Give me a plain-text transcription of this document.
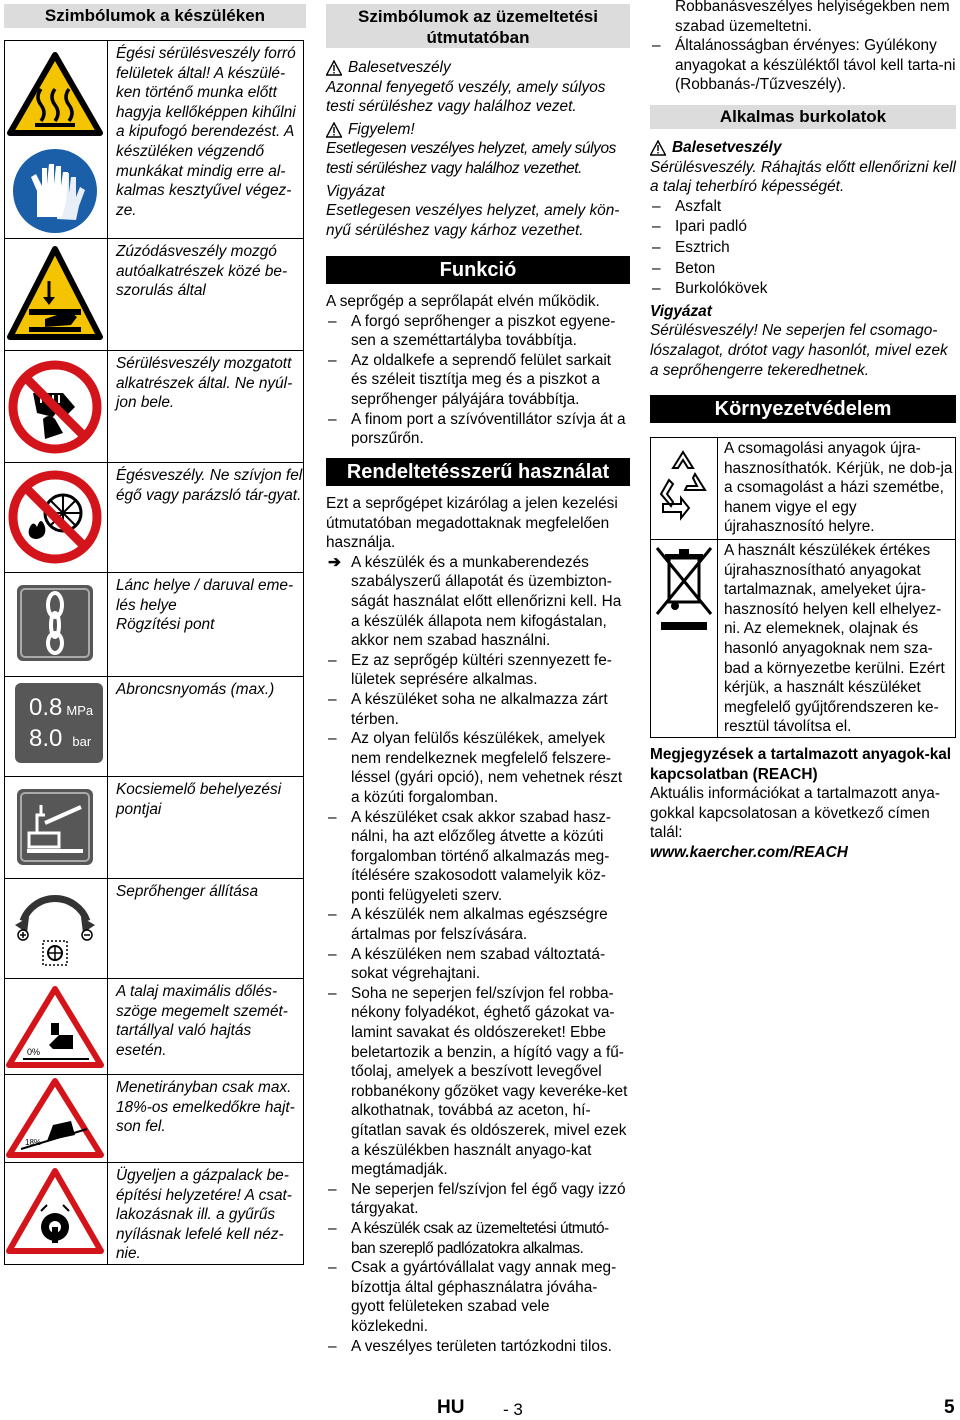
Szimbólumok a készüléken
	Égési sérülésveszély forró felületek által! A készülé-ken történő munka előtt hagyja kellőképpen kihűlni a kipufogó berendezést. A készüléken végzendő munkákat mindig erre al-kalmas kesztyűvel végez-ze.

	Zúzódásveszély mozgó autóalkatrészek közé be-szorulás által

	Sérülésveszély mozgatott alkatrészek által. Ne nyúl-jon bele.

	Égésveszély. Ne szívjon fel égő vagy parázsló tár-gyat.

	Lánc helye / daruval eme-lés helye
Rögzítési pont

0.8 MPa
8.0 bar	Abroncsnyomás (max.)

	Kocsiemelő behelyezési pontjai

	Seprőhenger állítása

0%	A talaj maximális dőlés-szöge megemelt szemét-tartállyal való hajtás esetén.

18%	Menetirányban csak max. 18%-os emelkedőkre hajt-son fel.

	Ügyeljen a gázpalack be-építési helyzetére! A csat-lakozásnak ill. a gyűrűs nyílásnak lefelé kell néz-nie.
Szimbólumok az üzemeltetési útmutatóban
Balesetveszély

Azonnal fenyegető veszély, amely súlyos testi sérüléshez vagy halálhoz vezet.

Figyelem!

Esetlegesen veszélyes helyzet, amely súlyos testi sérüléshez vagy halálhoz vezethet.

Vigyázat

Esetlegesen veszélyes helyzet, amely kön-nyű sérüléshez vagy kárhoz vezethet.

Funkció

A seprőgép a seprőlapát elvén működik.

– A forgó seprőhenger a piszkot egyene-sen a szeméttartályba továbbítja.
– Az oldalkefe a seprendő felület sarkait és széleit tisztítja meg és a piszkot a seprőhenger pályájára továbbítja.
– A finom port a szívóventillátor szívja át a porszűrőn.
Rendeltetésszerű használat

Ezt a seprőgépet kizárólag a jelen kezelési útmutatóban megadottaknak megfelelően használja.

➔ A készülék és a munkaberendezés szabályszerű állapotát és üzembizton-ságát használat előtt ellenőrizni kell. Ha a készülék állapota nem kifogástalan, akkor nem szabad használni.
– Ez az seprőgép kültéri szennyezett fe-lületek seprésére alkalmas.
– A készüléket soha ne alkalmazza zárt térben.
– Az olyan felülős készülékek, amelyek nem rendelkeznek megfelelő felszere-léssel (gyári opció), nem vehetnek részt a közúti forgalomban.
– A készüléket csak akkor szabad hasz-nálni, ha azt előzőleg átvette a közúti forgalomban történő alkalmazás meg-ítélésére szakosodott valamelyik köz-ponti felügyeleti szerv.
– A készülék nem alkalmas egészségre ártalmas por felszívására.
– A készüléken nem szabad változtatá-sokat végrehajtani.
– Soha ne seperjen fel/szívjon fel robba-nékony folyadékot, éghető gázokat va-lamint savakat és oldószereket! Ebbe beletartozik a benzin, a hígító vagy a fű-tőolaj, amelyek a beszívott levegővel robbanékony gőzöket vagy keveréke-ket alkothatnak, továbbá az aceton, hí-gítatlan savak és oldószerek, mivel ezek a készülékben használt anyago-kat megtámadják.
– Ne seperjen fel/szívjon fel égő vagy izzó tárgyakat.
– A készülék csak az üzemeltetési útmutó-ban szereplő padlózatokra alkalmas.
– Csak a gyártóvállalat vagy annak meg-bízottja által géphasználatra jóváha-gyott felületeken szabad vele közlekedni.
– A veszélyes területen tartózkodni tilos.
Robbanásveszélyes helyiségekben nem szabad üzemeltetni.
– Általánosságban érvényes: Gyúlékony anyagokat a készüléktől távol kell tarta-ni (Robbanás-/Tűzveszély).
Alkalmas burkolatok
Balesetveszély

Sérülésveszély. Ráhajtás előtt ellenőrizni kell a talaj teherbíró képességét.

– Aszfalt
– Ipari padló
– Esztrich
– Beton
– Burkolókövek
Vigyázat

Sérülésveszély! Ne seperjen fel csomago-lószalagot, drótot vagy hasonlót, mivel ezek a seprőhengerre tekeredhetnek.

Környezetvédelem
	A csomagolási anyagok újra-hasznosíthatók. Kérjük, ne dob-ja a csomagolást a házi szemétbe, hanem vigye el egy újrahasznosító helyre.

	A használt készülékek értékes újrahasznosítható anyagokat tartalmaznak, amelyeket újra-hasznosító helyen kell elhelyez-ni. Az elemeknek, olajnak és hasonló anyagoknak nem sza-bad a környezetbe kerülni. Ezért kérjük, a használt készüléket megfelelő gyűjtőrendszeren ke-resztül távolítsa el.

Megjegyzések a tartalmazott anyagok-kal kapcsolatban (REACH)

Aktuális információkat a tartalmazott anya-gokkal kapcsolatosan a következő címen talál:

www.kaercher.com/REACH

HU - 3	5
